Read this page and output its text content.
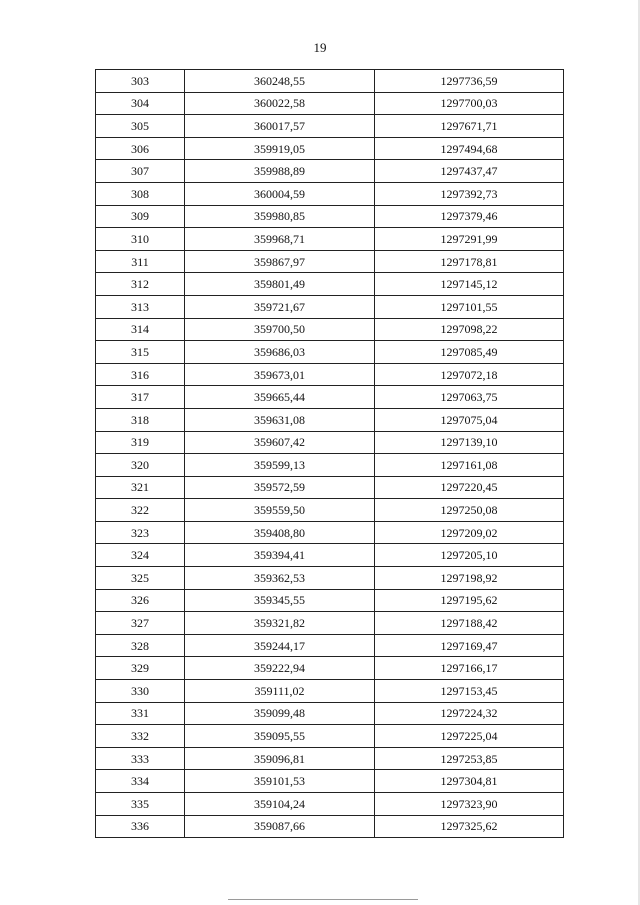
19
303	360248,55	1297736,59
304	360022,58	1297700,03
305	360017,57	1297671,71
306	359919,05	1297494,68
307	359988,89	1297437,47
308	360004,59	1297392,73
309	359980,85	1297379,46
310	359968,71	1297291,99
311	359867,97	1297178,81
312	359801,49	1297145,12
313	359721,67	1297101,55
314	359700,50	1297098,22
315	359686,03	1297085,49
316	359673,01	1297072,18
317	359665,44	1297063,75
318	359631,08	1297075,04
319	359607,42	1297139,10
320	359599,13	1297161,08
321	359572,59	1297220,45
322	359559,50	1297250,08
323	359408,80	1297209,02
324	359394,41	1297205,10
325	359362,53	1297198,92
326	359345,55	1297195,62
327	359321,82	1297188,42
328	359244,17	1297169,47
329	359222,94	1297166,17
330	359111,02	1297153,45
331	359099,48	1297224,32
332	359095,55	1297225,04
333	359096,81	1297253,85
334	359101,53	1297304,81
335	359104,24	1297323,90
336	359087,66	1297325,62
